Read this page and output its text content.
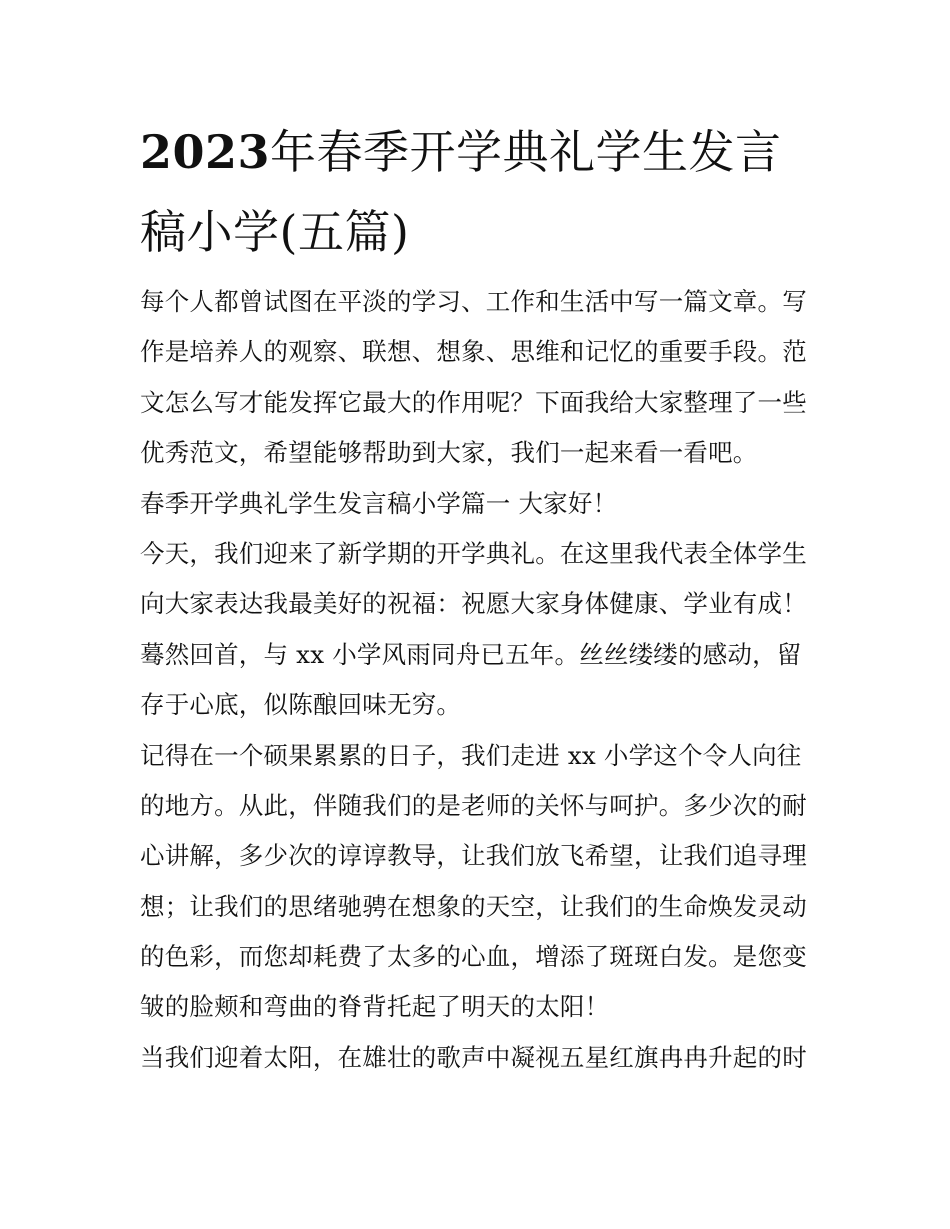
2023年春季开学典礼学生发言
稿小学(五篇)
每个人都曾试图在平淡的学习、工作和生活中写一篇文章。写
作是培养人的观察、联想、想象、思维和记忆的重要手段。范
文怎么写才能发挥它最大的作用呢？下面我给大家整理了一些
优秀范文，希望能够帮助到大家，我们一起来看一看吧。
春季开学典礼学生发言稿小学篇一 大家好！
今天，我们迎来了新学期的开学典礼。在这里我代表全体学生
向大家表达我最美好的祝福：祝愿大家身体健康、学业有成！
蓦然回首，与 xx 小学风雨同舟已五年。丝丝缕缕的感动，留
存于心底，似陈酿回味无穷。
记得在一个硕果累累的日子，我们走进 xx 小学这个令人向往
的地方。从此，伴随我们的是老师的关怀与呵护。多少次的耐
心讲解，多少次的谆谆教导，让我们放飞希望，让我们追寻理
想；让我们的思绪驰骋在想象的天空，让我们的生命焕发灵动
的色彩，而您却耗费了太多的心血，增添了斑斑白发。是您变
皱的脸颊和弯曲的脊背托起了明天的太阳！
当我们迎着太阳，在雄壮的歌声中凝视五星红旗冉冉升起的时
